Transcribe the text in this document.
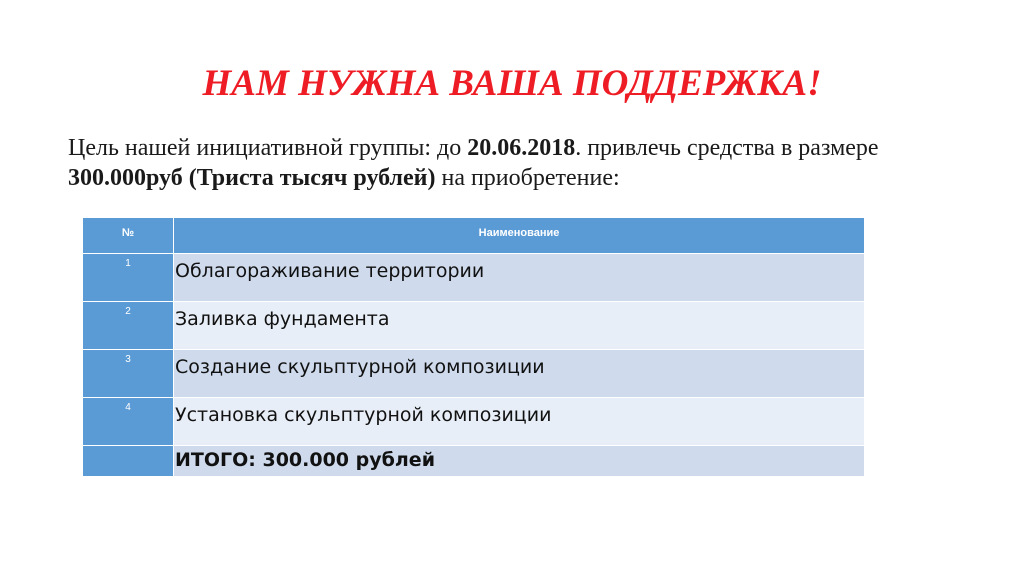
НАМ НУЖНА ВАША ПОДДЕРЖКА!

Цель нашей инициативной группы: до 20.06.2018. привлечь средства в размере 300.000руб (Триста тысяч рублей) на приобретение:

№	Наименование
1	Облагораживание территории
2	Заливка фундамента
3	Создание скульптурной композиции
4	Установка скульптурной композиции
	ИТОГО: 300.000 рублей
